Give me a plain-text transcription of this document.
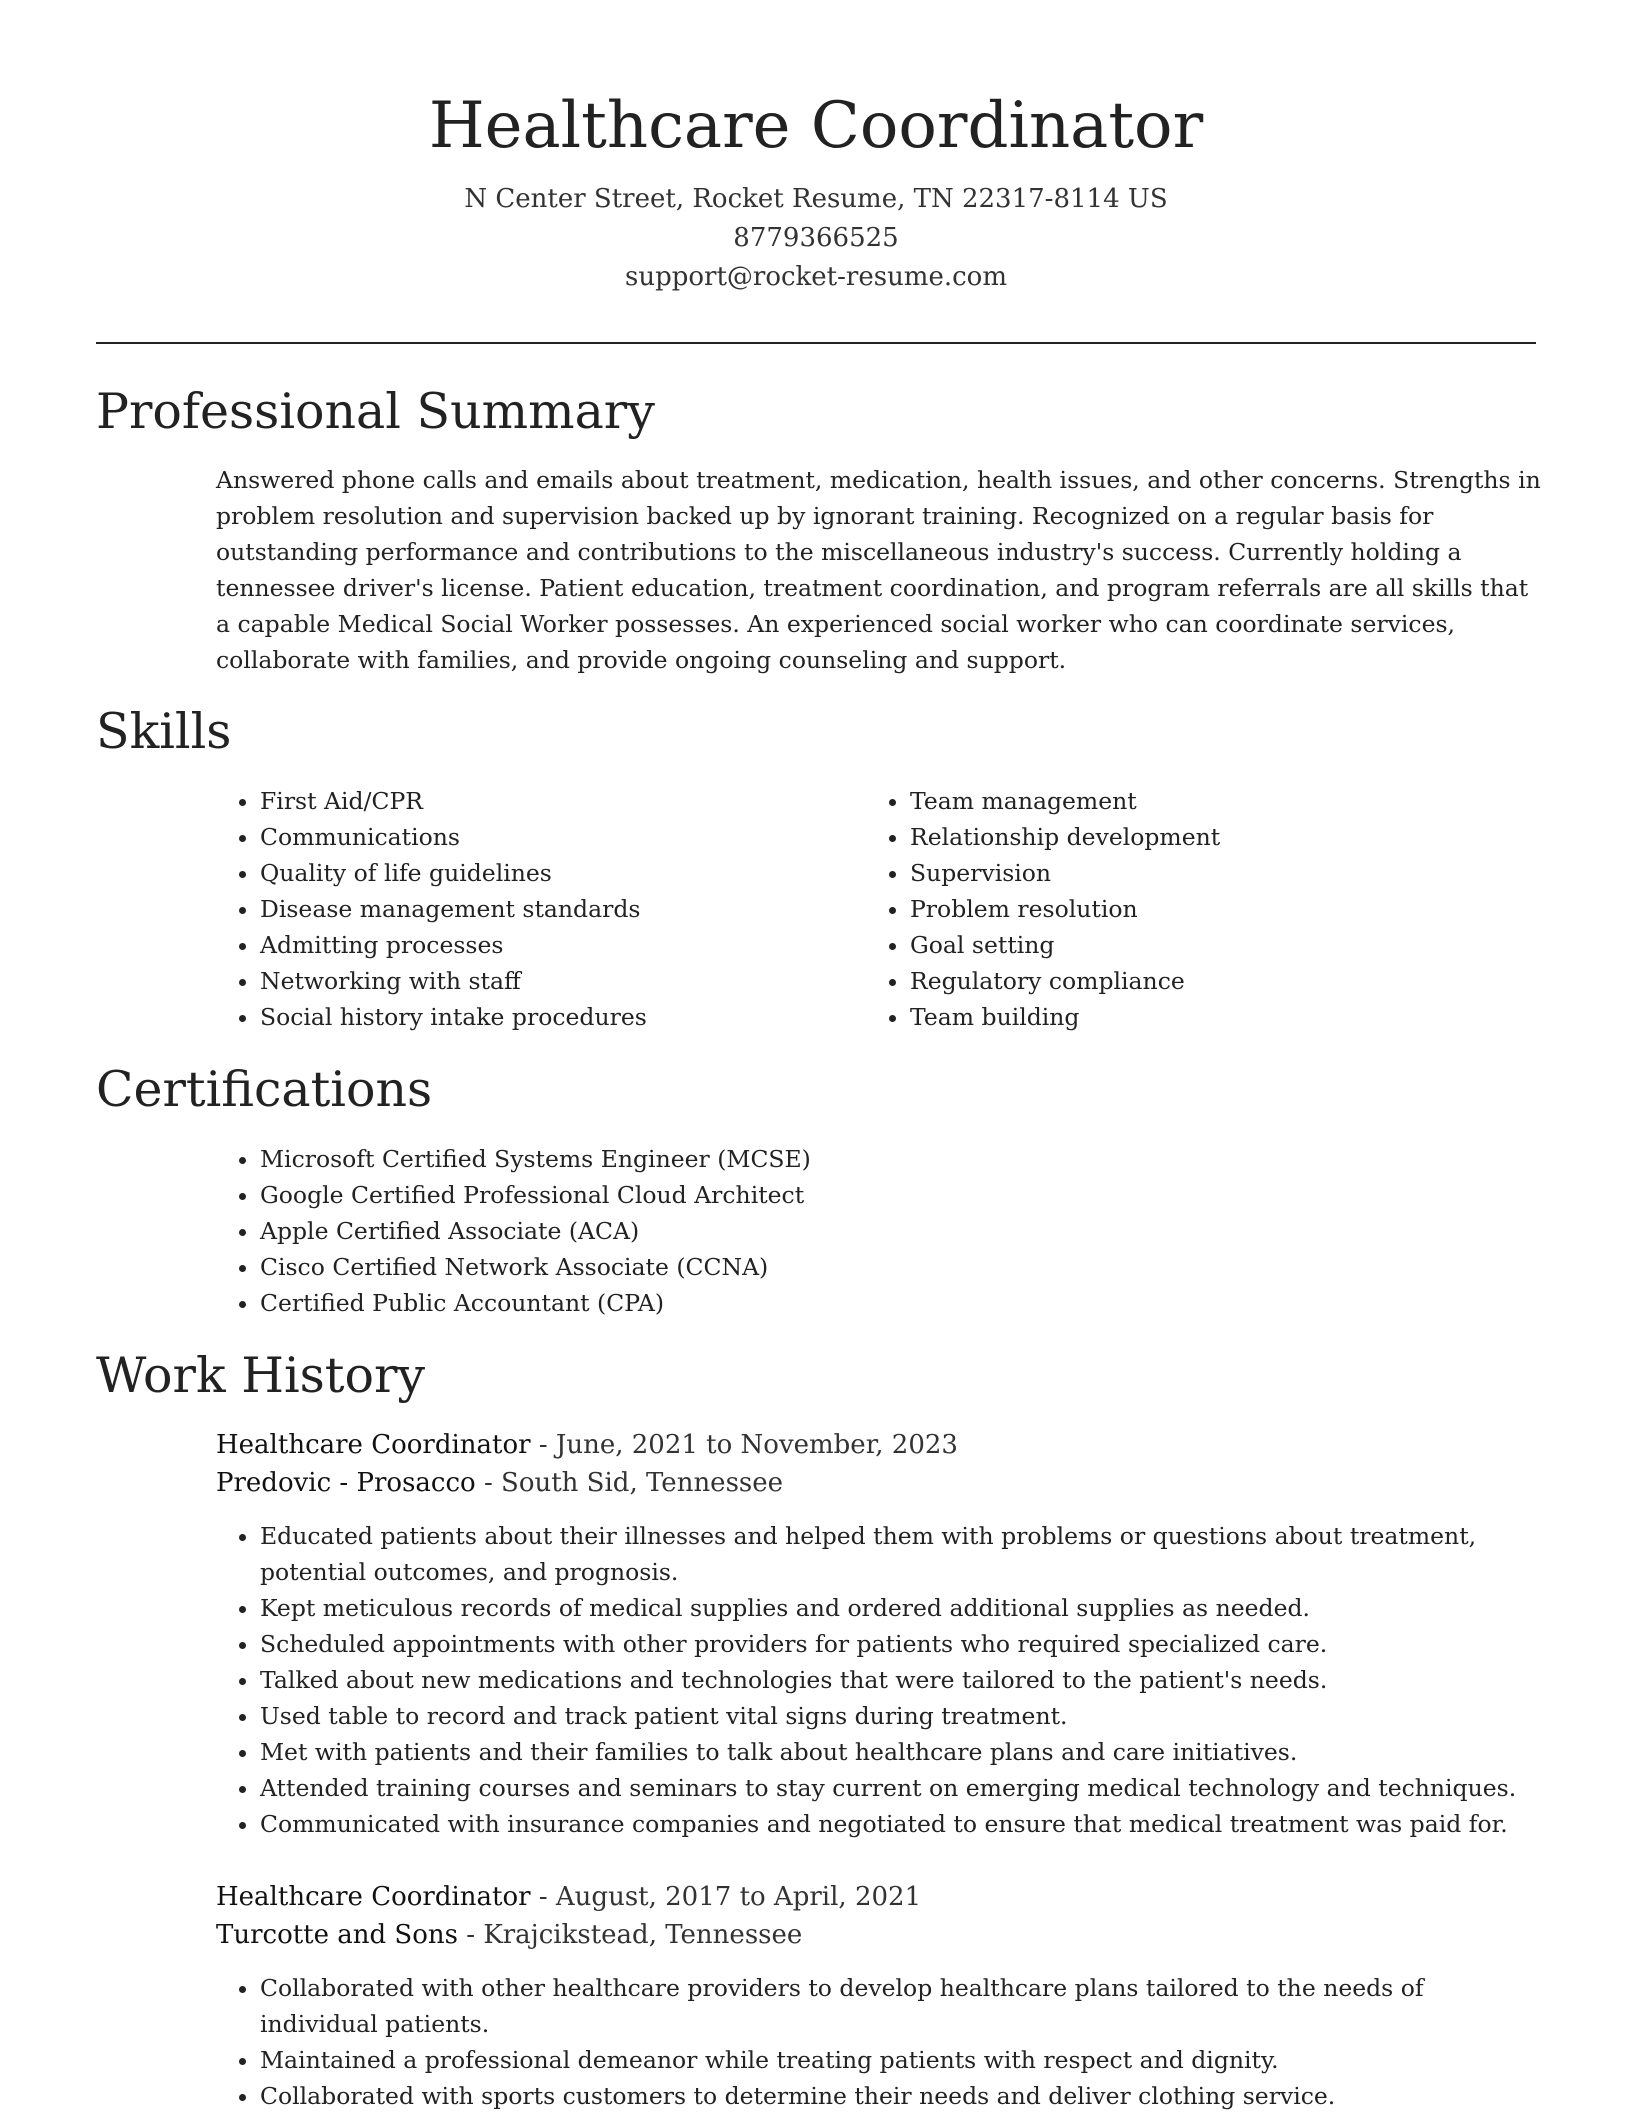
Healthcare Coordinator
N Center Street, Rocket Resume, TN 22317-8114 US
8779366525
support@rocket-resume.com
Professional Summary

Answered phone calls and emails about treatment, medication, health issues, and other concerns. Strengths in problem resolution and supervision backed up by ignorant training. Recognized on a regular basis for outstanding performance and contributions to the miscellaneous industry's success. Currently holding a tennessee driver's license. Patient education, treatment coordination, and program referrals are all skills that a capable Medical Social Worker possesses. An experienced social worker who can coordinate services, collaborate with families, and provide ongoing counseling and support.

Skills
• First Aid/CPR
• Communications
• Quality of life guidelines
• Disease management standards
• Admitting processes
• Networking with staff
• Social history intake procedures
• Team management
• Relationship development
• Supervision
• Problem resolution
• Goal setting
• Regulatory compliance
• Team building
Certifications
• Microsoft Certified Systems Engineer (MCSE)
• Google Certified Professional Cloud Architect
• Apple Certified Associate (ACA)
• Cisco Certified Network Associate (CCNA)
• Certified Public Accountant (CPA)
Work History
Healthcare Coordinator - June, 2021 to November, 2023
Predovic - Prosacco - South Sid, Tennessee
• Educated patients about their illnesses and helped them with problems or questions about treatment, potential outcomes, and prognosis.
• Kept meticulous records of medical supplies and ordered additional supplies as needed.
• Scheduled appointments with other providers for patients who required specialized care.
• Talked about new medications and technologies that were tailored to the patient's needs.
• Used table to record and track patient vital signs during treatment.
• Met with patients and their families to talk about healthcare plans and care initiatives.
• Attended training courses and seminars to stay current on emerging medical technology and techniques.
• Communicated with insurance companies and negotiated to ensure that medical treatment was paid for.
Healthcare Coordinator - August, 2017 to April, 2021
Turcotte and Sons - Krajcikstead, Tennessee
• Collaborated with other healthcare providers to develop healthcare plans tailored to the needs of individual patients.
• Maintained a professional demeanor while treating patients with respect and dignity.
• Collaborated with sports customers to determine their needs and deliver clothing service.
